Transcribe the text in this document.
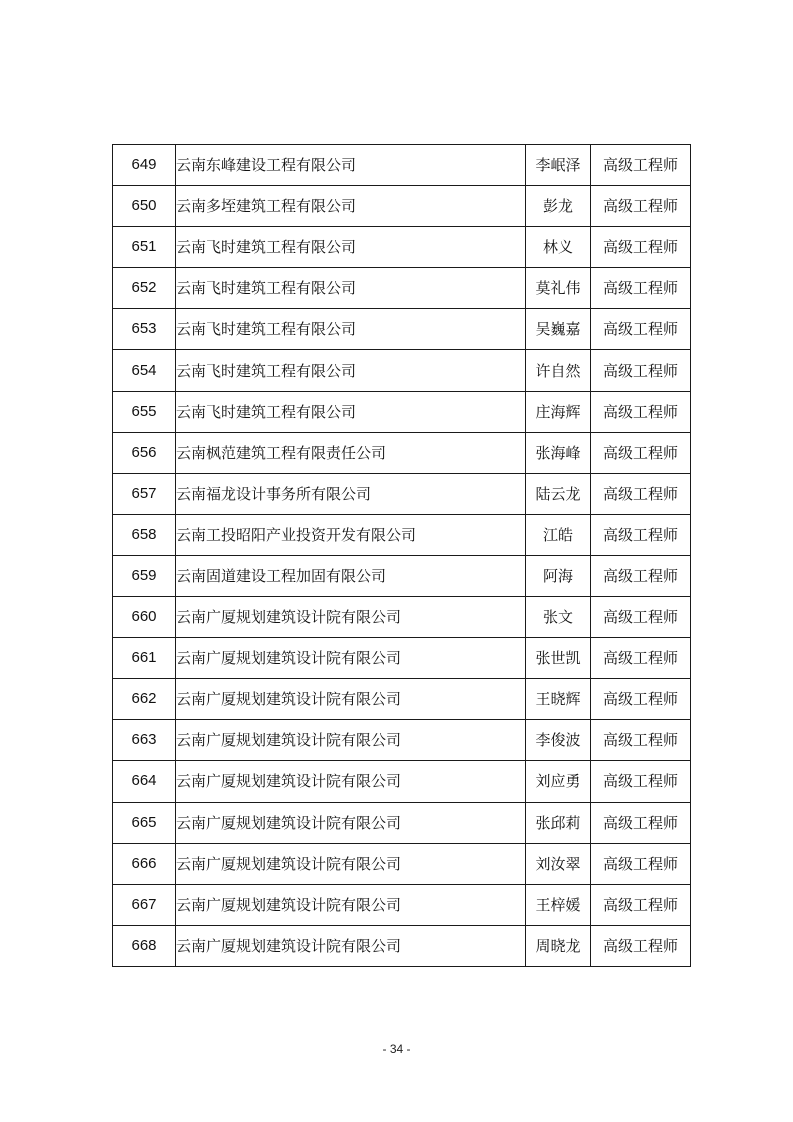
649	云南东峰建设工程有限公司	李岷泽	高级工程师
650	云南多垤建筑工程有限公司	彭龙	高级工程师
651	云南飞时建筑工程有限公司	林义	高级工程师
652	云南飞时建筑工程有限公司	莫礼伟	高级工程师
653	云南飞时建筑工程有限公司	吴巍嘉	高级工程师
654	云南飞时建筑工程有限公司	许自然	高级工程师
655	云南飞时建筑工程有限公司	庄海辉	高级工程师
656	云南枫范建筑工程有限责任公司	张海峰	高级工程师
657	云南福龙设计事务所有限公司	陆云龙	高级工程师
658	云南工投昭阳产业投资开发有限公司	江皓	高级工程师
659	云南固道建设工程加固有限公司	阿海	高级工程师
660	云南广厦规划建筑设计院有限公司	张文	高级工程师
661	云南广厦规划建筑设计院有限公司	张世凯	高级工程师
662	云南广厦规划建筑设计院有限公司	王晓辉	高级工程师
663	云南广厦规划建筑设计院有限公司	李俊波	高级工程师
664	云南广厦规划建筑设计院有限公司	刘应勇	高级工程师
665	云南广厦规划建筑设计院有限公司	张邱莉	高级工程师
666	云南广厦规划建筑设计院有限公司	刘汝翠	高级工程师
667	云南广厦规划建筑设计院有限公司	王梓媛	高级工程师
668	云南广厦规划建筑设计院有限公司	周晓龙	高级工程师
- 34 -
